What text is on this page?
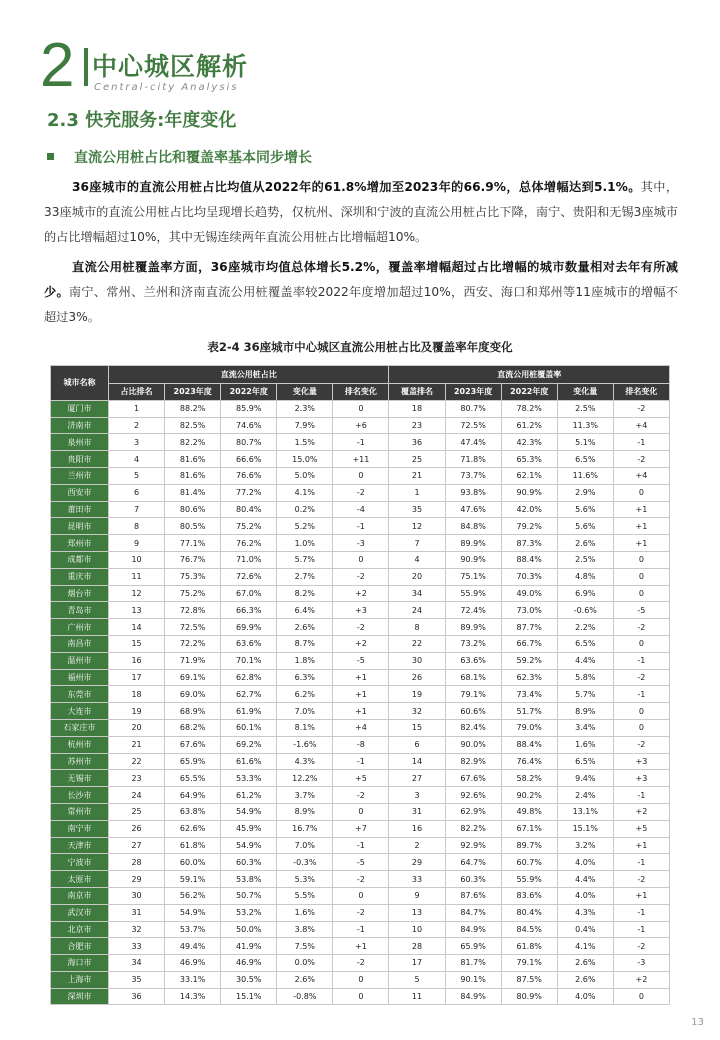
2 中心城区解析
Central-city Analysis
2.3 快充服务:年度变化
直流公用桩占比和覆盖率基本同步增长
36座城市的直流公用桩占比均值从2022年的61.8%增加至2023年的66.9%，总体增幅达到5.1%。其中，33座城市的直流公用桩占比均呈现增长趋势，仅杭州、深圳和宁波的直流公用桩占比下降，南宁、贵阳和无锡3座城市的占比增幅超过10%，其中无锡连续两年直流公用桩占比增幅超10%。
直流公用桩覆盖率方面，36座城市均值总体增长5.2%，覆盖率增幅超过占比增幅的城市数量相对去年有所减少。南宁、常州、兰州和济南直流公用桩覆盖率较2022年度增加超过10%，西安、海口和郑州等11座城市的增幅不超过3%。
表2-4 36座城市中心城区直流公用桩占比及覆盖率年度变化
城市名称	直流公用桩占比					直流公用桩覆盖率				
	占比排名	2023年度	2022年度	变化量	排名变化	覆盖排名	2023年度	2022年度	变化量	排名变化
厦门市	1	88.2%	85.9%	2.3%	0	18	80.7%	78.2%	2.5%	-2
济南市	2	82.5%	74.6%	7.9%	+6	23	72.5%	61.2%	11.3%	+4
泉州市	3	82.2%	80.7%	1.5%	-1	36	47.4%	42.3%	5.1%	-1
贵阳市	4	81.6%	66.6%	15.0%	+11	25	71.8%	65.3%	6.5%	-2
兰州市	5	81.6%	76.6%	5.0%	0	21	73.7%	62.1%	11.6%	+4
西安市	6	81.4%	77.2%	4.1%	-2	1	93.8%	90.9%	2.9%	0
莆田市	7	80.6%	80.4%	0.2%	-4	35	47.6%	42.0%	5.6%	+1
昆明市	8	80.5%	75.2%	5.2%	-1	12	84.8%	79.2%	5.6%	+1
郑州市	9	77.1%	76.2%	1.0%	-3	7	89.9%	87.3%	2.6%	+1
成都市	10	76.7%	71.0%	5.7%	0	4	90.9%	88.4%	2.5%	0
重庆市	11	75.3%	72.6%	2.7%	-2	20	75.1%	70.3%	4.8%	0
烟台市	12	75.2%	67.0%	8.2%	+2	34	55.9%	49.0%	6.9%	0
青岛市	13	72.8%	66.3%	6.4%	+3	24	72.4%	73.0%	-0.6%	-5
广州市	14	72.5%	69.9%	2.6%	-2	8	89.9%	87.7%	2.2%	-2
南昌市	15	72.2%	63.6%	8.7%	+2	22	73.2%	66.7%	6.5%	0
温州市	16	71.9%	70.1%	1.8%	-5	30	63.6%	59.2%	4.4%	-1
福州市	17	69.1%	62.8%	6.3%	+1	26	68.1%	62.3%	5.8%	-2
东莞市	18	69.0%	62.7%	6.2%	+1	19	79.1%	73.4%	5.7%	-1
大连市	19	68.9%	61.9%	7.0%	+1	32	60.6%	51.7%	8.9%	0
石家庄市	20	68.2%	60.1%	8.1%	+4	15	82.4%	79.0%	3.4%	0
杭州市	21	67.6%	69.2%	-1.6%	-8	6	90.0%	88.4%	1.6%	-2
苏州市	22	65.9%	61.6%	4.3%	-1	14	82.9%	76.4%	6.5%	+3
无锡市	23	65.5%	53.3%	12.2%	+5	27	67.6%	58.2%	9.4%	+3
长沙市	24	64.9%	61.2%	3.7%	-2	3	92.6%	90.2%	2.4%	-1
常州市	25	63.8%	54.9%	8.9%	0	31	62.9%	49.8%	13.1%	+2
南宁市	26	62.6%	45.9%	16.7%	+7	16	82.2%	67.1%	15.1%	+5
天津市	27	61.8%	54.9%	7.0%	-1	2	92.9%	89.7%	3.2%	+1
宁波市	28	60.0%	60.3%	-0.3%	-5	29	64.7%	60.7%	4.0%	-1
太原市	29	59.1%	53.8%	5.3%	-2	33	60.3%	55.9%	4.4%	-2
南京市	30	56.2%	50.7%	5.5%	0	9	87.6%	83.6%	4.0%	+1
武汉市	31	54.9%	53.2%	1.6%	-2	13	84.7%	80.4%	4.3%	-1
北京市	32	53.7%	50.0%	3.8%	-1	10	84.9%	84.5%	0.4%	-1
合肥市	33	49.4%	41.9%	7.5%	+1	28	65.9%	61.8%	4.1%	-2
海口市	34	46.9%	46.9%	0.0%	-2	17	81.7%	79.1%	2.6%	-3
上海市	35	33.1%	30.5%	2.6%	0	5	90.1%	87.5%	2.6%	+2
深圳市	36	14.3%	15.1%	-0.8%	0	11	84.9%	80.9%	4.0%	0
13
